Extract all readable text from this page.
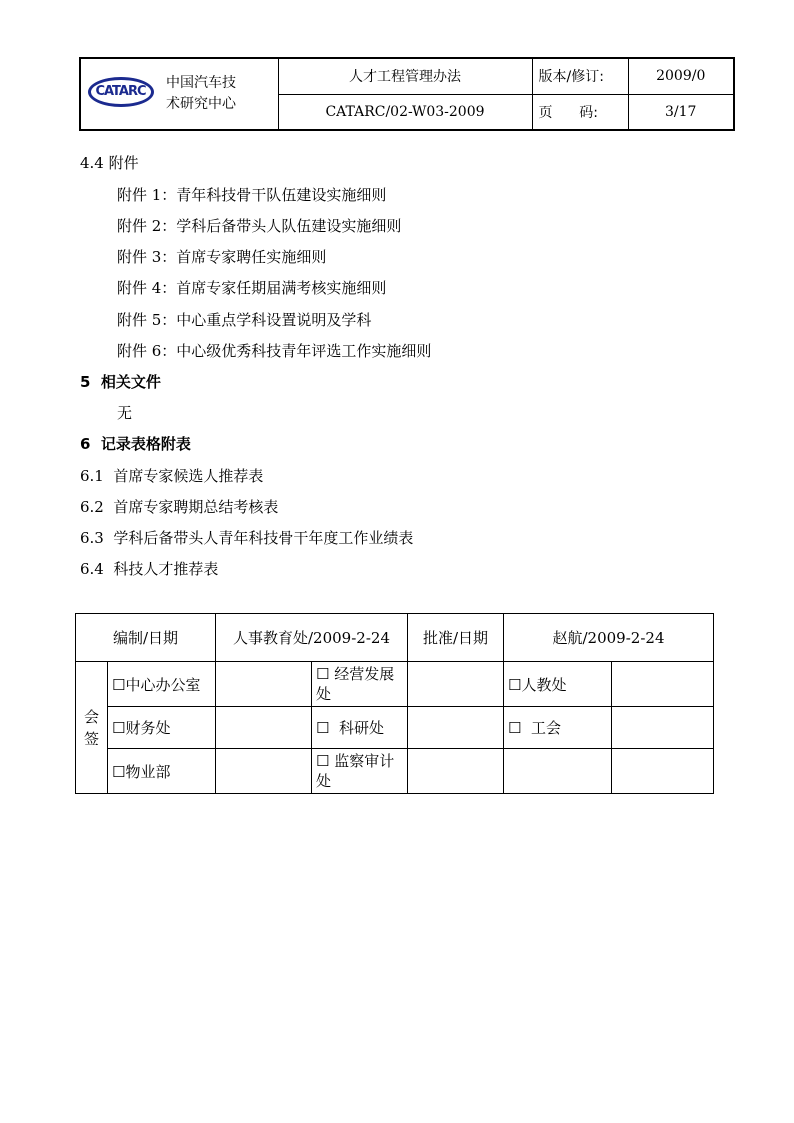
CATARC	中国汽车技
术研究中心	人才工程管理办法	版本/修订:	2009/0
		CATARC/02-W03-2009	页      码:	3/17
4.4 附件
附件 1：青年科技骨干队伍建设实施细则
附件 2：学科后备带头人队伍建设实施细则
附件 3：首席专家聘任实施细则
附件 4：首席专家任期届满考核实施细则
附件 5：中心重点学科设置说明及学科
附件 6：中心级优秀科技青年评选工作实施细则
5  相关文件
无
6  记录表格附表
6.1  首席专家候选人推荐表
6.2  首席专家聘期总结考核表
6.3  学科后备带头人青年科技骨干年度工作业绩表
6.4  科技人才推荐表
编制/日期		人事教育处/2009-2-24		批准/日期	赵航/2009-2-24	
会签	☐中心办公室		☐ 经营发展处		☐人教处	
	☐财务处		☐  科研处		☐  工会	
	☐物业部		☐ 监察审计处			
